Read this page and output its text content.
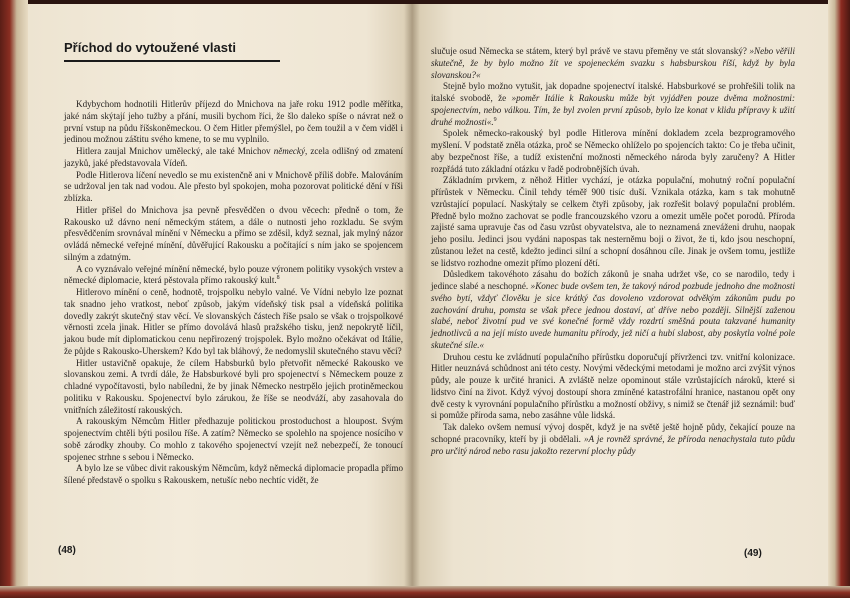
Příchod do vytoužené vlasti

Kdybychom hodnotili Hitlerův příjezd do Mnichova na jaře roku 1912 podle měřítka, jaké nám skýtají jeho tužby a přání, musili bychom říci, že šlo daleko spíše o návrat než o první vstup na půdu říšskoněmeckou. O čem Hitler přemýšlel, po čem toužil a v čem viděl i jedinou možnou záštitu svého kmene, to se mu vyplnilo.

Hitlera zaujal Mnichov umělecký, ale také Mnichov německý, zcela odlišný od zmatení jazyků, jaké představovala Vídeň.

Podle Hitlerova líčení nevedlo se mu existenčně ani v Mnichově příliš dobře. Malováním se udržoval jen tak nad vodou. Ale přesto byl spokojen, moha pozorovat politické dění v říši zblízka.

Hitler přišel do Mnichova jsa pevně přesvědčen o dvou věcech: předně o tom, že Rakousko už dávno není německým státem, a dále o nutnosti jeho rozkladu. Se svým přesvědčením srovnával mínění v Německu a přímo se zděsil, když seznal, jak mylný názor ovládá německé veřejné mínění, důvěřující Rakousku a počítající s ním jako se spojencem silným a zdatným.

A co vyznávalo veřejné mínění německé, bylo pouze výronem politiky vysokých vrstev a německé diplomacie, která pěstovala přímo rakouský kult.$^8$

Hitlerovo mínění o ceně, hodnotě, trojspolku nebylo valné. Ve Vídni nebylo lze poznat tak snadno jeho vratkost, neboť způsob, jakým vídeňský tisk psal a vídeňská politika dovedly zakrýt skutečný stav věcí. Ve slovanských částech říše psalo se však o trojspolkové věrnosti zcela jinak. Hitler se přímo dovolává hlasů pražského tisku, jenž nepokrytě líčil, jakou bude mít diplomatickou cenu nepřirozený trojspolek. Bylo možno očekávat od Itálie, že půjde s Rakousko-Uherskem? Kdo byl tak bláhový, že nedomyslil skutečného stavu věcí?

Hitler ustavičně opakuje, že cílem Habsburků bylo přetvořit německé Rakousko ve slovanskou zemi. A tvrdí dále, že Habsburkové byli pro spojenectví s Německem pouze z chladné vypočítavosti, bylo nabíledni, že by jinak Německo nestrpělo jejich protiněmeckou politiku v Rakousku. Spojenectví bylo zárukou, že říše se neodváží, aby zasahovala do vnitřních záležitostí rakouských.

A rakouským Němcům Hitler předhazuje politickou prostoduchost a hloupost. Svým spojenectvím chtěli býti posilou říše. A zatím? Německo se spolehlo na spojence nosícího v sobě zárodky zhouby. Co mohlo z takového spojenectví vzejít než nebezpečí, že tonoucí spojenec strhne s sebou i Německo.

A bylo lze se vůbec divit rakouským Němcům, když německá diplomacie propadla přímo šílené představě o spolku s Rakouskem, netušíc nebo nechtíc vidět, že

(48)

slučuje osud Německa se státem, který byl právě ve stavu přeměny ve stát slovanský? »Nebo věřili skutečně, že by bylo možno žít ve spojeneckém svazku s habsburskou říší, když by byla slovanskou?«

Stejně bylo možno vytušit, jak dopadne spojenectví italské. Habsburkové se prohřešili tolik na italské svobodě, že »poměr Itálie k Rakousku může být vyjádřen pouze dvěma možnostmi: spojenectvím, nebo válkou. Tím, že byl zvolen první způsob, bylo lze konat v klidu přípravy k užití druhé možnosti«.$^9$

Spolek německo-rakouský byl podle Hitlerova mínění dokladem zcela bezprogramového myšlení. V podstatě zněla otázka, proč se Německo ohlíželo po spojencích takto: Co je třeba učinit, aby bezpečnost říše, a tudíž existenční možnosti německého národa byly zaručeny? A Hitler rozpřádá tuto základní otázku v řadě podrobnějších úvah.

Základním prvkem, z něhož Hitler vychází, je otázka populační, mohutný roční populační přírůstek v Německu. Činil tehdy téměř 900 tisíc duší. Vznikala otázka, kam s tak mohutně vzrůstající populací. Naskýtaly se celkem čtyři způsoby, jak rozřešit bolavý populační problém. Předně bylo možno zachovat se podle francouzského vzoru a omezit uměle počet porodů. Příroda zajisté sama upravuje čas od času vzrůst obyvatelstva, ale to neznamená zneváženi druhu, naopak jeho posilu. Jedinci jsou vydáni napospas tak nesterněmu boji o život, že ti, kdo jsou neschopní, zůstanou ležet na cestě, kdežto jedinci silní a schopní dosáhnou cíle. Jinak je ovšem tomu, jestliže se lidstvo rozhodne omezit přímo plození dětí.

Důsledkem takovéhoto zásahu do božích zákonů je snaha udržet vše, co se narodilo, tedy i jedince slabé a neschopné. »Konec bude ovšem ten, že takový národ pozbude jednoho dne možnosti svého bytí, vždyť člověku je sice krátký čas dovoleno vzdorovat odvěkým zákonům pudu po zachování druhu, pomsta se však přece jednou dostaví, ať dříve nebo později. Silnější zaženou slabé, neboť životní pud ve své konečné formě vždy rozdrtí směšná pouta takzvané humanity jednotlivců a na její místo uvede humanitu přírody, jež ničí a hubí slabost, aby poskytla volné pole skutečné síle.«

Druhou cestu ke zvládnutí populačního přírůstku doporučují přívrženci tzv. vnitřní kolonizace. Hitler neuznává schůdnost ani této cesty. Novými vědeckými metodami je možno arci zvýšit výnos půdy, ale pouze k určité hranici. A zvláště nelze opominout stále vzrůstajících nároků, které si lidstvo činí na život. Když vývoj dostoupí shora zmíněné katastrofální hranice, nastanou opět ony dvě cesty k vyrovnání populačního přírůstku a možností obživy, s nimiž se čtenář již seznámil: buď si pomůže příroda sama, nebo zasáhne vůle lidská.

Tak daleko ovšem nemusí vývoj dospět, když je na světě ještě hojně půdy, čekající pouze na schopné pracovníky, kteří by ji obdělali. »A je rovněž správné, že příroda nenachystala tuto půdu pro určitý národ nebo rasu jakožto rezervní plochy půdy

(49)
